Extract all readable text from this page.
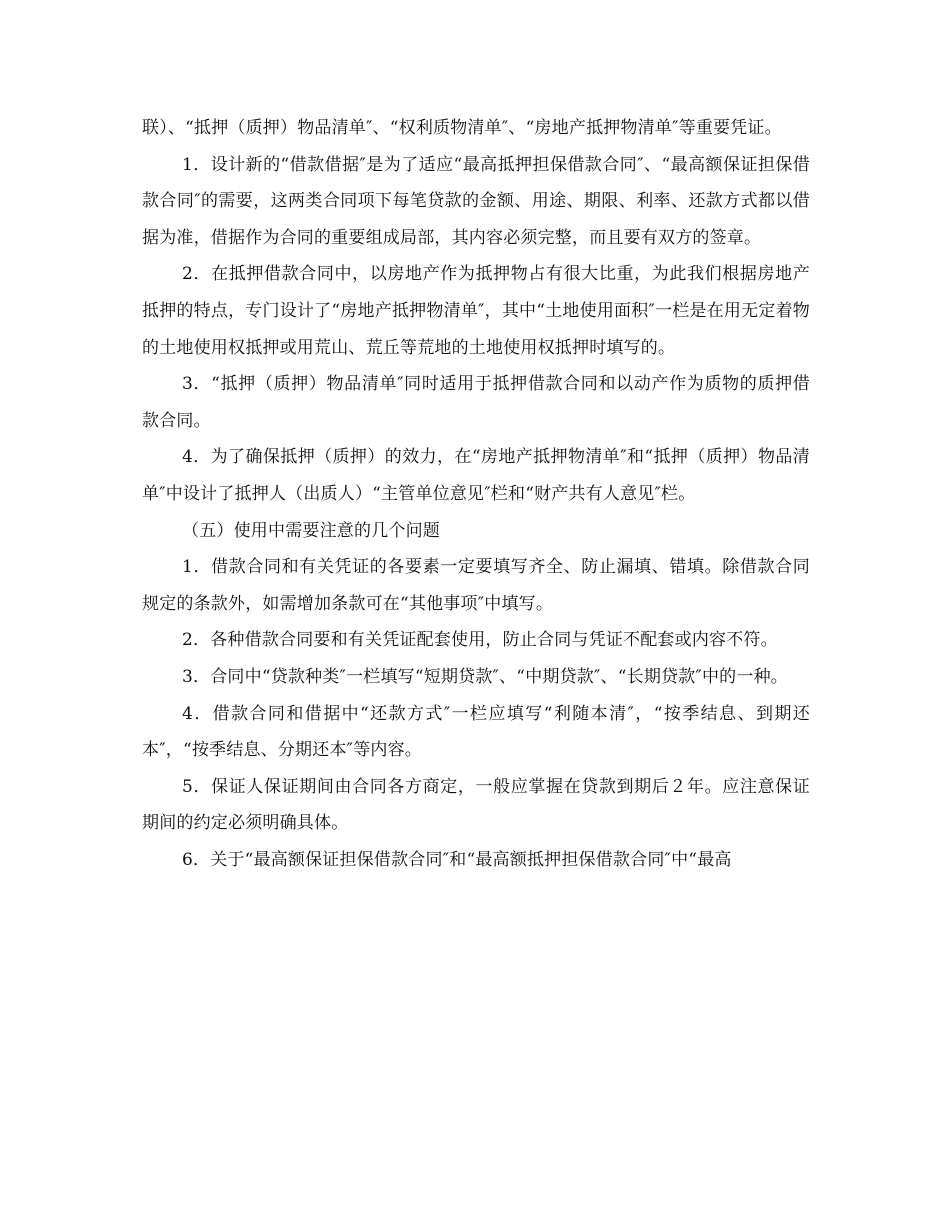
联）、“抵押（质押）物品清单″、“权利质物清单″、“房地产抵押物清单″等重要凭证。

1．设计新的“借款借据″是为了适应“最高抵押担保借款合同″、“最高额保证担保借款合同″的需要，这两类合同项下每笔贷款的金额、用途、期限、利率、还款方式都以借据为准，借据作为合同的重要组成局部，其内容必须完整，而且要有双方的签章。

2．在抵押借款合同中，以房地产作为抵押物占有很大比重，为此我们根据房地产抵押的特点，专门设计了“房地产抵押物清单″，其中“土地使用面积″一栏是在用无定着物的土地使用权抵押或用荒山、荒丘等荒地的土地使用权抵押时填写的。

3．“抵押（质押）物品清单″同时适用于抵押借款合同和以动产作为质物的质押借款合同。

4．为了确保抵押（质押）的效力，在“房地产抵押物清单″和“抵押（质押）物品清单″中设计了抵押人（出质人）“主管单位意见″栏和“财产共有人意见″栏。

（五）使用中需要注意的几个问题

1．借款合同和有关凭证的各要素一定要填写齐全、防止漏填、错填。除借款合同规定的条款外，如需增加条款可在“其他事项″中填写。

2．各种借款合同要和有关凭证配套使用，防止合同与凭证不配套或内容不符。

3．合同中“贷款种类″一栏填写“短期贷款″、“中期贷款″、“长期贷款″中的一种。

4．借款合同和借据中“还款方式″一栏应填写“利随本清″，“按季结息、到期还本″，“按季结息、分期还本″等内容。

5．保证人保证期间由合同各方商定，一般应掌握在贷款到期后２年。应注意保证期间的约定必须明确具体。

6．关于“最高额保证担保借款合同″和“最高额抵押担保借款合同″中“最高
